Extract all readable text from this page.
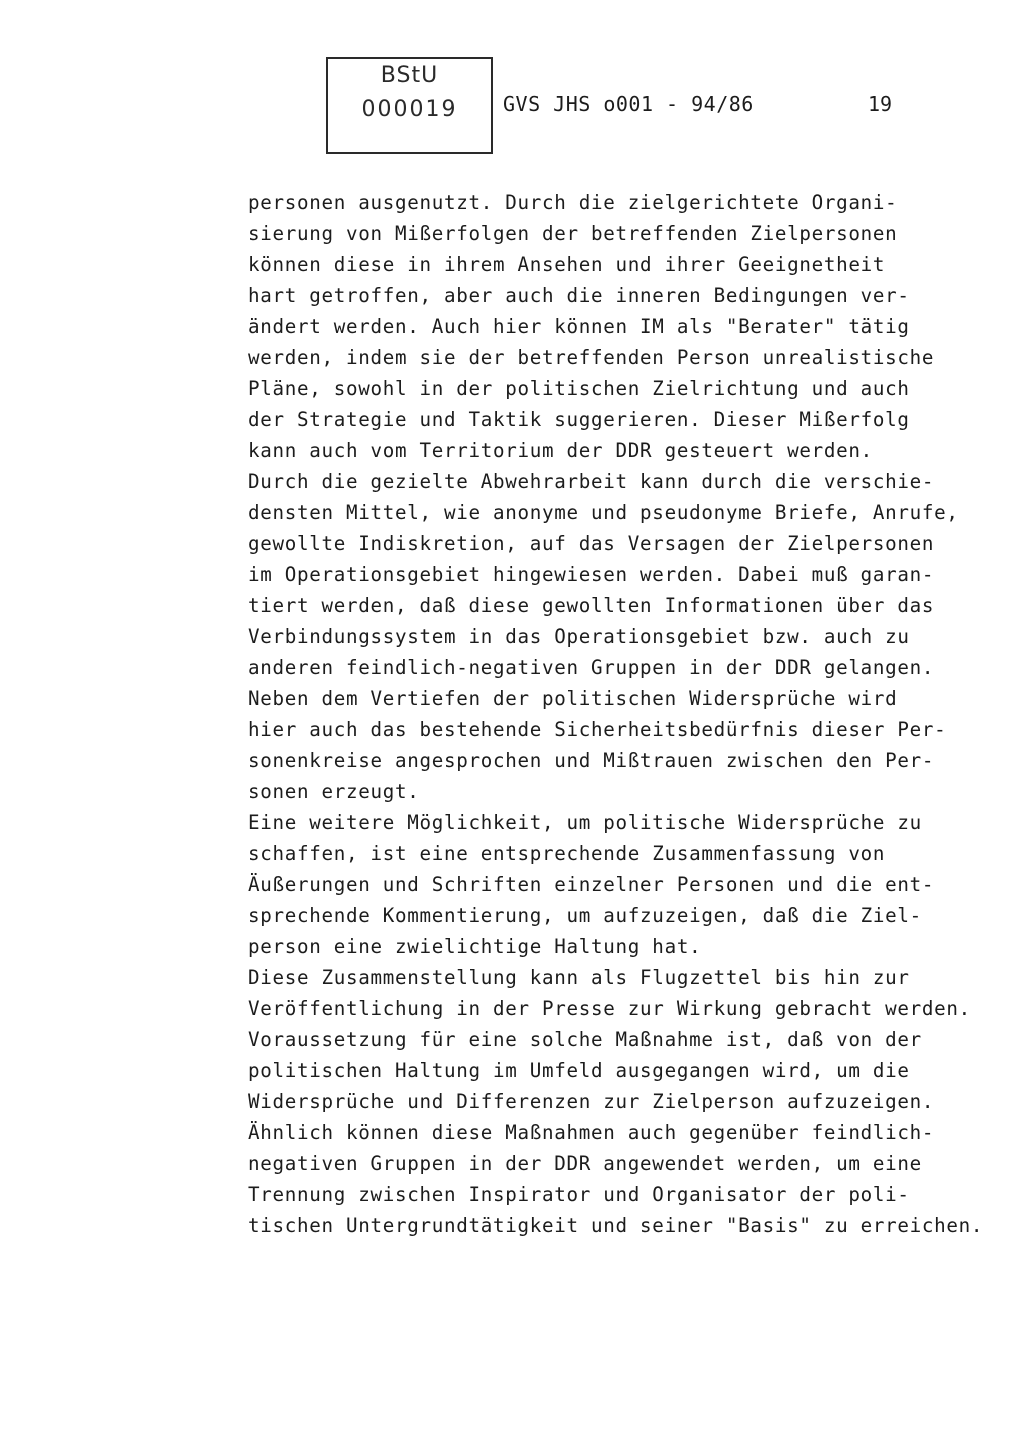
BStU
000019	GVS JHS o001 - 94/86	19
personen ausgenutzt. Durch die zielgerichtete Organi-
sierung von Mißerfolgen der betreffenden Zielpersonen
können diese in ihrem Ansehen und ihrer Geeignetheit
hart getroffen, aber auch die inneren Bedingungen ver-
ändert werden. Auch hier können IM als "Berater" tätig
werden, indem sie der betreffenden Person unrealistische
Pläne, sowohl in der politischen Zielrichtung und auch
der Strategie und Taktik suggerieren. Dieser Mißerfolg
kann auch vom Territorium der DDR gesteuert werden.
Durch die gezielte Abwehrarbeit kann durch die verschie-
densten Mittel, wie anonyme und pseudonyme Briefe, Anrufe,
gewollte Indiskretion, auf das Versagen der Zielpersonen
im Operationsgebiet hingewiesen werden. Dabei muß garan-
tiert werden, daß diese gewollten Informationen über das
Verbindungssystem in das Operationsgebiet bzw. auch zu
anderen feindlich-negativen Gruppen in der DDR gelangen.
Neben dem Vertiefen der politischen Widersprüche wird
hier auch das bestehende Sicherheitsbedürfnis dieser Per-
sonenkreise angesprochen und Mißtrauen zwischen den Per-
sonen erzeugt.
Eine weitere Möglichkeit, um politische Widersprüche zu
schaffen, ist eine entsprechende Zusammenfassung von
Äußerungen und Schriften einzelner Personen und die ent-
sprechende Kommentierung, um aufzuzeigen, daß die Ziel-
person eine zwielichtige Haltung hat.
Diese Zusammenstellung kann als Flugzettel bis hin zur
Veröffentlichung in der Presse zur Wirkung gebracht werden.
Voraussetzung für eine solche Maßnahme ist, daß von der
politischen Haltung im Umfeld ausgegangen wird, um die
Widersprüche und Differenzen zur Zielperson aufzuzeigen.
Ähnlich können diese Maßnahmen auch gegenüber feindlich-
negativen Gruppen in der DDR angewendet werden, um eine
Trennung zwischen Inspirator und Organisator der poli-
tischen Untergrundtätigkeit und seiner "Basis" zu erreichen.
